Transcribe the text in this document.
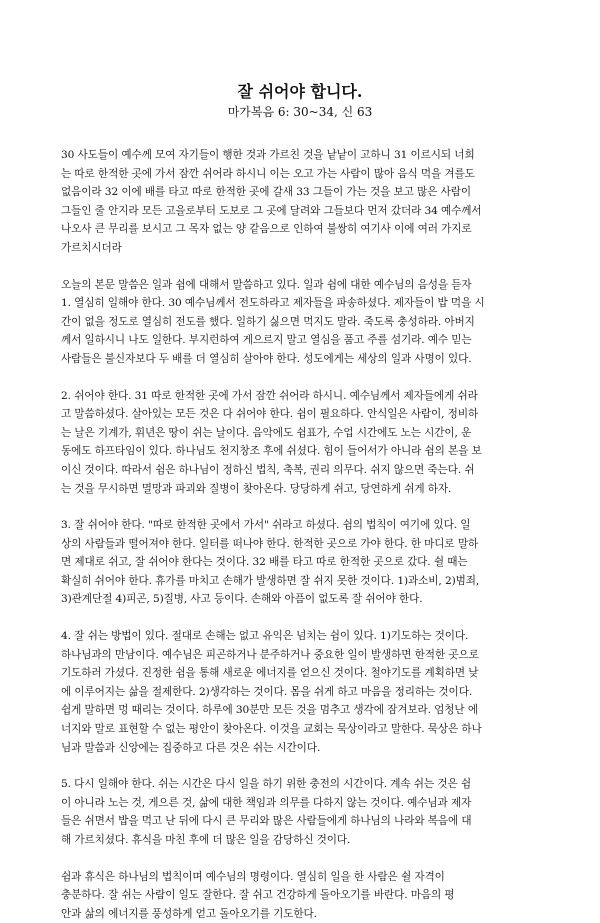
잘 쉬어야 합니다.
마가복음 6: 30~34, 신 63

30 사도들이 예수께 모여 자기들이 행한 것과 가르친 것을 낱낱이 고하니 31 이르시되 너희
는 따로 한적한 곳에 가서 잠깐 쉬어라 하시니 이는 오고 가는 사람이 많아 음식 먹을 겨를도
없음이라 32 이에 배를 타고 따로 한적한 곳에 갈새 33 그들이 가는 것을 보고 많은 사람이
그들인 줄 안지라 모든 고을로부터 도보로 그 곳에 달려와 그들보다 먼저 갔더라 34 예수께서
나오사 큰 무리를 보시고 그 목자 없는 양 같음으로 인하여 불쌍히 여기사 이에 여러 가지로
가르치시더라

오늘의 본문 말씀은 일과 쉼에 대해서 말씀하고 있다. 일과 쉼에 대한 예수님의 음성을 듣자
1. 열심히 일해야 한다. 30 예수님께서 전도하라고 제자들을 파송하셨다. 제자들이 밥 먹을 시
간이 없을 정도로 열심히 전도를 했다. 일하기 싫으면 먹지도 말라. 죽도록 충성하라. 아버지
께서 일하시니 나도 일한다. 부지런하여 게으르지 말고 열심을 품고 주를 섬기라. 예수 믿는
사람들은 불신자보다 두 배를 더 열심히 살아야 한다. 성도에게는 세상의 일과 사명이 있다.

2. 쉬어야 한다. 31 따로 한적한 곳에 가서 잠깐 쉬어라 하시니. 예수님께서 제자들에게 쉬라
고 말씀하셨다. 살아있는 모든 것은 다 쉬어야 한다. 쉼이 필요하다. 안식일은 사람이, 정비하
는 날은 기계가, 휘년은 땅이 쉬는 날이다. 음악에도 쉼표가, 수업 시간에도 노는 시간이, 운
동에도 하프타임이 있다. 하나님도 천지창조 후에 쉬셨다. 힘이 들어서가 아니라 쉼의 본을 보
이신 것이다. 따라서 쉼은 하나님이 정하신 법칙, 축복, 권리 의무다. 쉬지 않으면 죽는다. 쉬
는 것을 무시하면 멸망과 파괴와 질병이 찾아온다. 당당하게 쉬고, 당연하게 쉬게 하자.

3. 잘 쉬어야 한다. "따로 한적한 곳에서 가서" 쉬라고 하셨다. 쉼의 법칙이 여기에 있다. 일
상의 사람들과 떨어져야 한다. 일터를 떠나야 한다. 한적한 곳으로 가야 한다. 한 마디로 말하
면 제대로 쉬고, 잘 쉬어야 한다는 것이다. 32 배를 타고 따로 한적한 곳으로 갔다. 쉴 때는
확실히 쉬어야 한다. 휴가를 마치고 손해가 발생하면 잘 쉬지 못한 것이다. 1)과소비, 2)범죄,
3)관계단절 4)피곤, 5)질병, 사고 등이다. 손해와 아픔이 없도록 잘 쉬어야 한다.

4. 잘 쉬는 방법이 있다. 절대로 손해는 없고 유익은 넘치는 쉼이 있다. 1)기도하는 것이다.
하나님과의 만남이다. 예수님은 피곤하거나 분주하거나 중요한 일이 발생하면 한적한 곳으로
기도하러 가셨다. 진정한 쉼을 통해 새로운 에너지를 얻으신 것이다. 철야기도를 계획하면 낮
에 이루어지는 삶을 절제한다. 2)생각하는 것이다. 몸을 쉬게 하고 마음을 정리하는 것이다.
쉽게 말하면 멍 때리는 것이다. 하루에 30분만 모든 것을 멈추고 생각에 잠겨보라. 엄청난 에
너지와 말로 표현할 수 없는 평안이 찾아온다. 이것을 교회는 묵상이라고 말한다. 묵상은 하나
님과 말씀과 신앙에는 집중하고 다른 것은 쉬는 시간이다.

5. 다시 일해야 한다. 쉬는 시간은 다시 일을 하기 위한 충전의 시간이다. 계속 쉬는 것은 쉼
이 아니라 노는 것, 게으른 것, 삶에 대한 책임과 의무를 다하지 않는 것이다. 예수님과 제자
들은 쉬면서 밥을 먹고 난 뒤에 다시 큰 무리와 많은 사람들에게 하나님의 나라와 복음에 대
해 가르치셨다. 휴식을 마친 후에 더 많은 일을 감당하신 것이다.

쉼과 휴식은 하나님의 법칙이며 예수님의 명령이다. 열심히 일을 한 사람은 쉴 자격이
충분하다. 잘 쉬는 사람이 일도 잘한다. 잘 쉬고 건강하게 돌아오기를 바란다. 마음의 평
안과 삶의 에너지를 풍성하게 얻고 돌아오기를 기도한다.
